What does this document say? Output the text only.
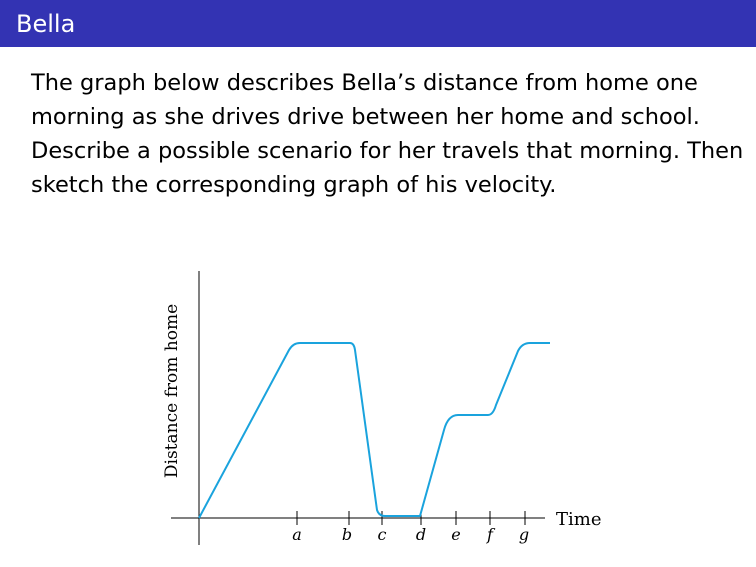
Bella

The graph below describes Bella’s distance from home one morning as she drives drive between her home and school.

Describe a possible scenario for her travels that morning. Then sketch the corresponding graph of his velocity.

Distance from home
Time
a	b c d e f g
